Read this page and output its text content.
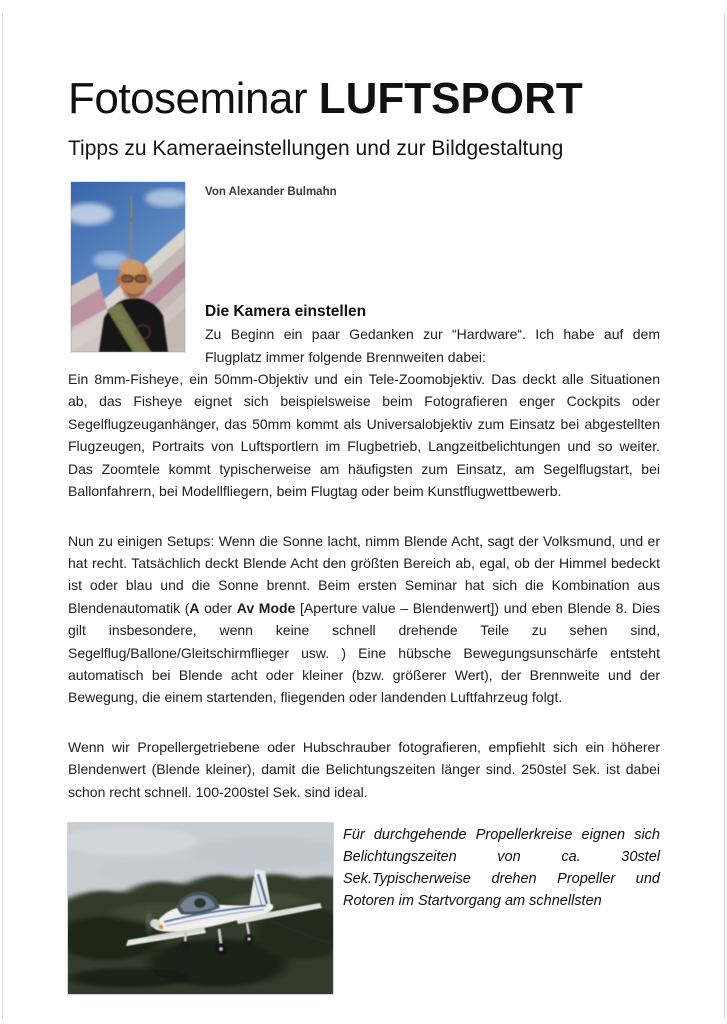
Fotoseminar LUFTSPORT
Tipps zu Kameraeinstellungen und zur Bildgestaltung
Von Alexander Bulmahn
Die Kamera einstellen

Zu Beginn ein paar Gedanken zur “Hardware“. Ich habe auf dem Flugplatz immer folgende Brennweiten dabei:

Ein 8mm-Fisheye, ein 50mm-Objektiv und ein Tele-Zoomobjektiv. Das deckt alle Situationen ab, das Fisheye eignet sich beispielsweise beim Fotografieren enger Cockpits oder Segelflugzeuganhänger, das 50mm kommt als Universalobjektiv zum Einsatz bei abgestellten Flugzeugen, Portraits von Luftsportlern im Flugbetrieb, Langzeitbelichtungen und so weiter. Das Zoomtele kommt typischerweise am häufigsten zum Einsatz, am Segelflugstart, bei Ballonfahrern, bei Modellfliegern, beim Flugtag oder beim Kunstflugwettbewerb.

Nun zu einigen Setups: Wenn die Sonne lacht, nimm Blende Acht, sagt der Volksmund, und er hat recht. Tatsächlich deckt Blende Acht den größten Bereich ab, egal, ob der Himmel bedeckt ist oder blau und die Sonne brennt. Beim ersten Seminar hat sich die Kombination aus Blendenautomatik (A oder Av Mode [Aperture value – Blendenwert]) und eben Blende 8. Dies gilt insbesondere, wenn keine schnell drehende Teile zu sehen sind, Segelflug/Ballone/Gleitschirmflieger usw. ) Eine hübsche Bewegungsunschärfe entsteht automatisch bei Blende acht oder kleiner (bzw. größerer Wert), der Brennweite und der Bewegung, die einem startenden, fliegenden oder landenden Luftfahrzeug folgt.

Wenn wir Propellergetriebene oder Hubschrauber fotografieren, empfiehlt sich ein höherer Blendenwert (Blende kleiner), damit die Belichtungszeiten länger sind. 250stel Sek. ist dabei schon recht schnell. 100-200stel Sek. sind ideal.

Für durchgehende Propellerkreise eignen sich Belichtungszeiten von ca. 30stel Sek.Typischerweise drehen Propeller und Rotoren im Startvorgang am schnellsten
